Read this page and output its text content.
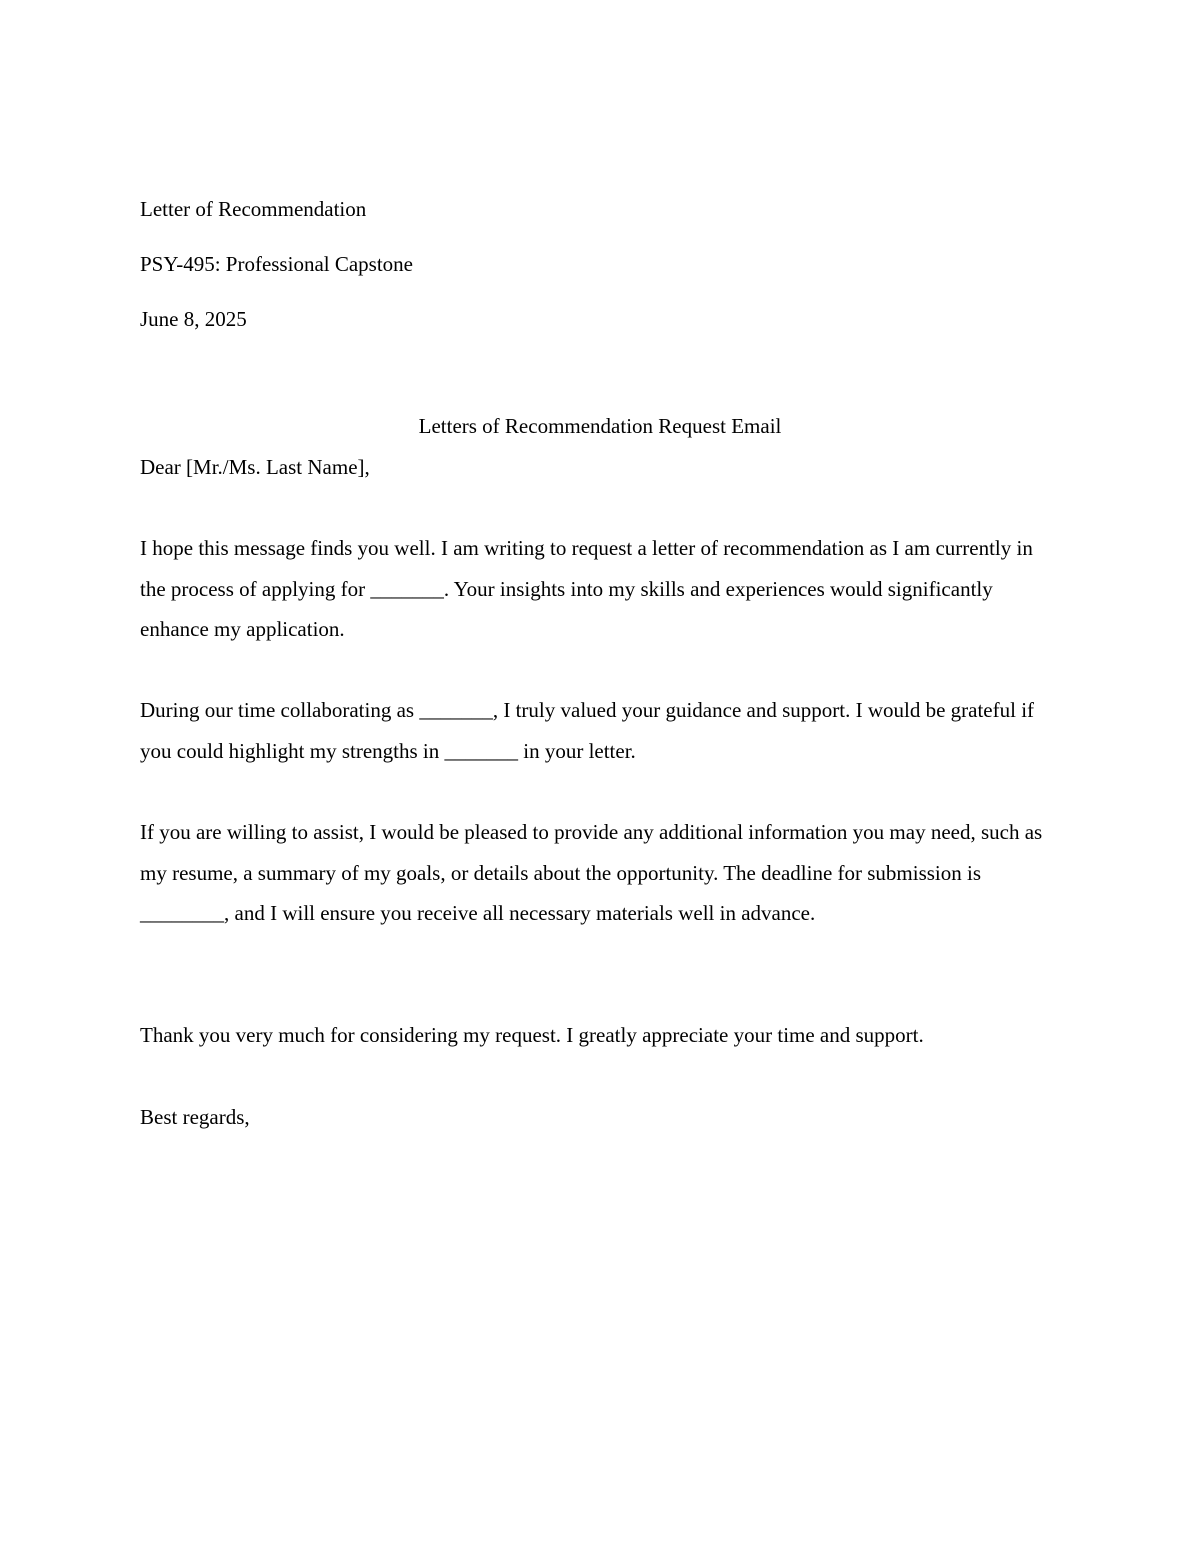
Letter of Recommendation
PSY-495: Professional Capstone
June 8, 2025
Letters of Recommendation Request Email
Dear [Mr./Ms. Last Name],

I hope this message finds you well. I am writing to request a letter of recommendation as I am currently in the process of applying for _______. Your insights into my skills and experiences would significantly enhance my application.

During our time collaborating as _______, I truly valued your guidance and support. I would be grateful if you could highlight my strengths in _______ in your letter.

If you are willing to assist, I would be pleased to provide any additional information you may need, such as my resume, a summary of my goals, or details about the opportunity. The deadline for submission is ________, and I will ensure you receive all necessary materials well in advance.

Thank you very much for considering my request. I greatly appreciate your time and support.

Best regards,
